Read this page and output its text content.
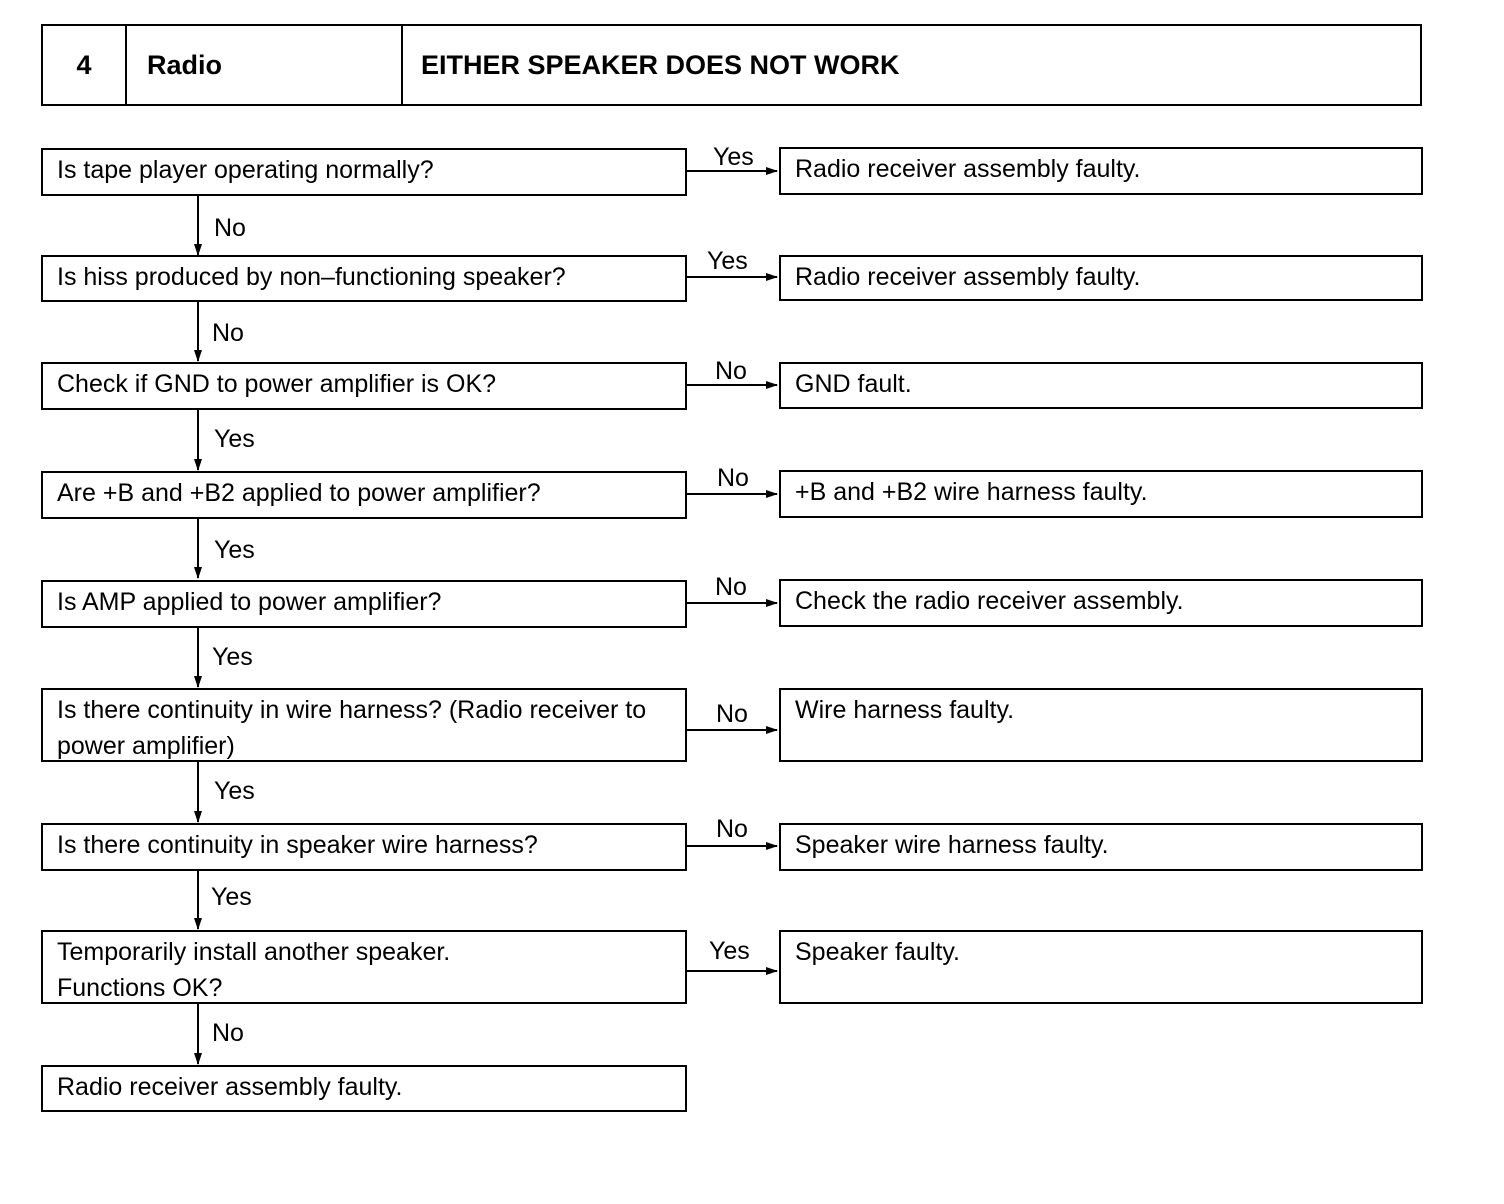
4	Radio	EITHER SPEAKER DOES NOT WORK
Is tape player operating normally?	Yes	Radio receiver assembly faulty.
No
Is hiss produced by non–functioning speaker?
Yes
Radio receiver assembly faulty.
No
Check if GND to power amplifier is OK?	No	GND fault.
Yes
Are +B and +B2 applied to power amplifier?
No	+B and +B2 wire harness faulty.
Yes
Is AMP applied to power amplifier?
No	Check the radio receiver assembly.
Yes
Is there continuity in wire harness? (Radio receiver to power amplifier)
No	Wire harness faulty.
Yes
Is there continuity in speaker wire harness?
No
Speaker wire harness faulty.
Yes
Temporarily install another speaker. Functions OK?
Yes	Speaker faulty.
No
Radio receiver assembly faulty.
